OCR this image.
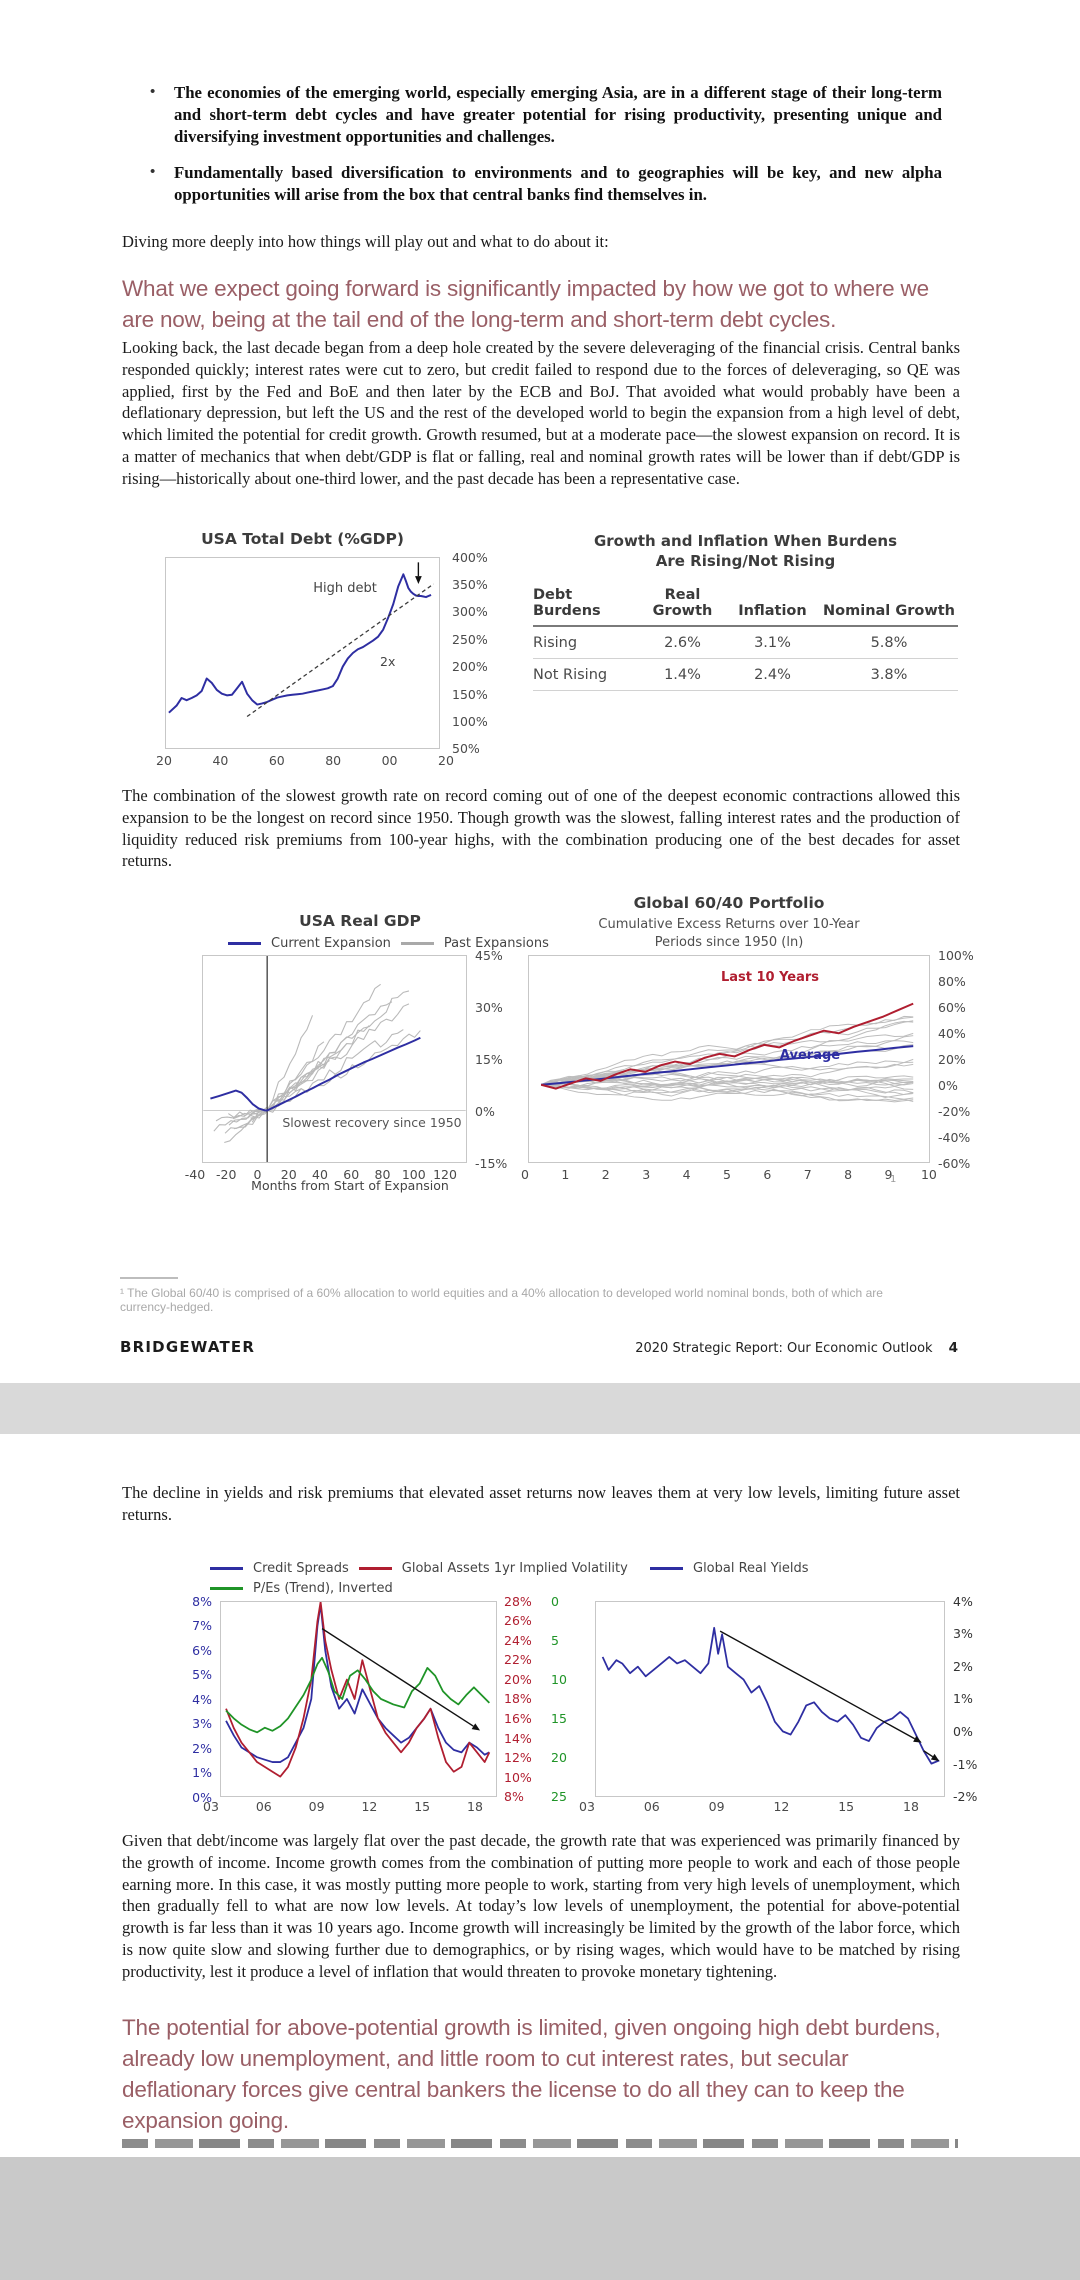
•	The economies of the emerging world, especially emerging Asia, are in a different stage of their long-term and short-term debt cycles and have greater potential for rising productivity, presenting unique and diversifying investment opportunities and challenges.
•	Fundamentally based diversification to environments and to geographies will be key, and new alpha opportunities will arise from the box that central banks find themselves in.
Diving more deeply into how things will play out and what to do about it:
What we expect going forward is significantly impacted by how we got to where we are now, being at the tail end of the long-term and short-term debt cycles.
Looking back, the last decade began from a deep hole created by the severe deleveraging of the financial crisis. Central banks responded quickly; interest rates were cut to zero, but credit failed to respond due to the forces of deleveraging, so QE was applied, first by the Fed and BoE and then later by the ECB and BoJ. That avoided what would probably have been a deflationary depression, but left the US and the rest of the developed world to begin the expansion from a high level of debt, which limited the potential for credit growth. Growth resumed, but at a moderate pace—the slowest expansion on record. It is a matter of mechanics that when debt/GDP is flat or falling, real and nominal growth rates will be lower than if debt/GDP is rising—historically about one-third lower, and the past decade has been a representative case.
USA Total Debt (%GDP)
400%
350%
300%
250%
200%
150%
100%
50%
20	40	60	80	00	20
High debt
2x
Growth and Inflation When Burdens
Are Rising/Not Rising
Debt Burdens
Real Growth	Inflation	Nominal Growth
Rising	2.6%	3.1%	5.8%
Not Rising	1.4%	2.4%	3.8%
The combination of the slowest growth rate on record coming out of one of the deepest economic contractions allowed this expansion to be the longest on record since 1950. Though growth was the slowest, falling interest rates and the production of liquidity reduced risk premiums from 100-year highs, with the combination producing one of the best decades for asset returns.
USA Real GDP
Current Expansion	Past Expansions
45%
30%
15%
0%
-15%
-40 -20	0	20	40	60	80 100 120
Slowest recovery since 1950
Months from Start of Expansion
Global 60/40 Portfolio
Cumulative Excess Returns over 10-Year
Periods since 1950 (ln)
100%
80%
60%
40%
20%
0%
-20%
-40%
-60%
0	1	2	3	4	5	6	7	8	9	10
Last 10 Years
Average
1
¹ The Global 60/40 is comprised of a 60% allocation to world equities and a 40% allocation to developed world nominal bonds, both of which are currency-hedged.
BRIDGEWATER	2020 Strategic Report: Our Economic Outlook 4
The decline in yields and risk premiums that elevated asset returns now leaves them at very low levels, limiting future asset returns.
Credit Spreads	Global Assets 1yr Implied Volatility
P/Es (Trend), Inverted
8%
7%
6%
5%
4%
3%
2%
1%
0%
28%
26%
24%
22%
20%
18%
16%
14%
12%
10%
8%
0
5
10
15
20
25
03	06	09	12	15	18
Global Real Yields
4%
3%
2%
1%
0%
-1%
-2%
03	06	09	12	15	18
Given that debt/income was largely flat over the past decade, the growth rate that was experienced was primarily financed by the growth of income. Income growth comes from the combination of putting more people to work and each of those people earning more. In this case, it was mostly putting more people to work, starting from very high levels of unemployment, which then gradually fell to what are now low levels. At today’s low levels of unemployment, the potential for above-potential growth is far less than it was 10 years ago. Income growth will increasingly be limited by the growth of the labor force, which is now quite slow and slowing further due to demographics, or by rising wages, which would have to be matched by rising productivity, lest it produce a level of inflation that would threaten to provoke monetary tightening.
The potential for above-potential growth is limited, given ongoing high debt burdens, already low unemployment, and little room to cut interest rates, but secular deflationary forces give central bankers the license to do all they can to keep the expansion going.
